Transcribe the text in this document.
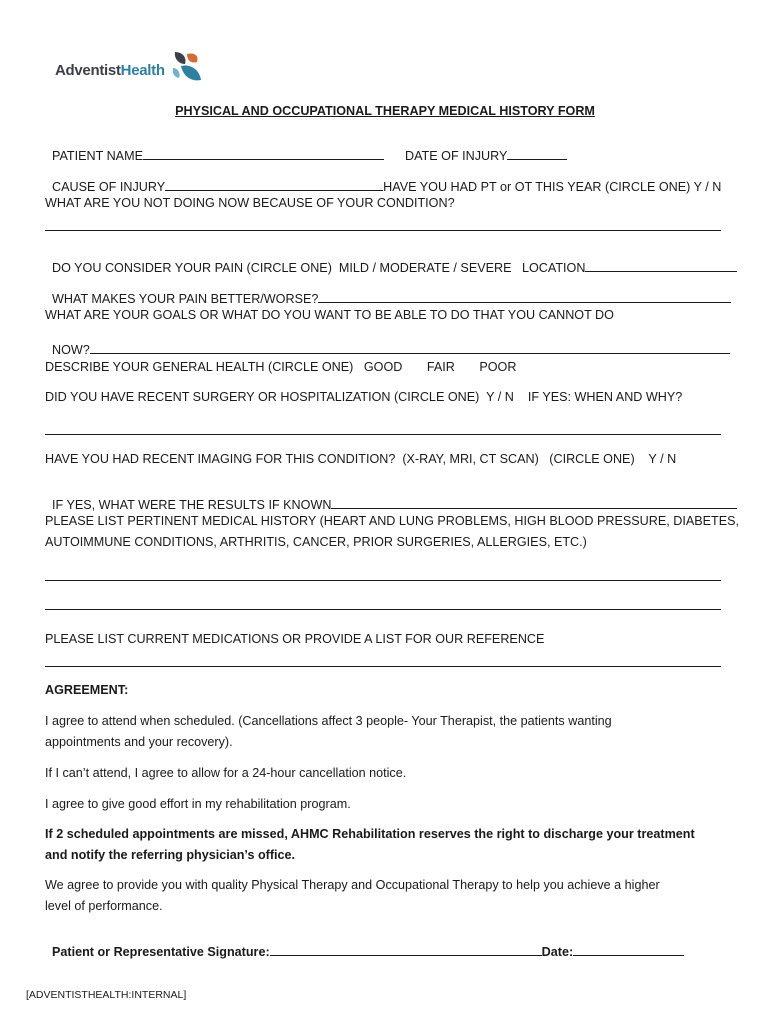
AdventistHealth
PHYSICAL AND OCCUPATIONAL THERAPY MEDICAL HISTORY FORM

PATIENT NAME	DATE OF INJURY

CAUSE OF INJURY	HAVE YOU HAD PT or OT THIS YEAR (CIRCLE ONE) Y / N

WHAT ARE YOU NOT DOING NOW BECAUSE OF YOUR CONDITION?

DO YOU CONSIDER YOUR PAIN (CIRCLE ONE)  MILD / MODERATE / SEVERE   LOCATION

WHAT MAKES YOUR PAIN BETTER/WORSE?

WHAT ARE YOUR GOALS OR WHAT DO YOU WANT TO BE ABLE TO DO THAT YOU CANNOT DO

NOW?

DESCRIBE YOUR GENERAL HEALTH (CIRCLE ONE)   GOOD       FAIR       POOR
DID YOU HAVE RECENT SURGERY OR HOSPITALIZATION (CIRCLE ONE)  Y / N    IF YES: WHEN AND WHY?
HAVE YOU HAD RECENT IMAGING FOR THIS CONDITION?  (X-RAY, MRI, CT SCAN)   (CIRCLE ONE)    Y / N

IF YES, WHAT WERE THE RESULTS IF KNOWN

PLEASE LIST PERTINENT MEDICAL HISTORY (HEART AND LUNG PROBLEMS, HIGH BLOOD PRESSURE, DIABETES,
AUTOIMMUNE CONDITIONS, ARTHRITIS, CANCER, PRIOR SURGERIES, ALLERGIES, ETC.)
PLEASE LIST CURRENT MEDICATIONS OR PROVIDE A LIST FOR OUR REFERENCE
AGREEMENT:
I agree to attend when scheduled. (Cancellations affect 3 people- Your Therapist, the patients wanting
appointments and your recovery).
If I can’t attend, I agree to allow for a 24-hour cancellation notice.
I agree to give good effort in my rehabilitation program.
If 2 scheduled appointments are missed, AHMC Rehabilitation reserves the right to discharge your treatment
and notify the referring physician’s office.
We agree to provide you with quality Physical Therapy and Occupational Therapy to help you achieve a higher
level of performance.

Patient or Representative Signature:	Date:

[ADVENTISTHEALTH:INTERNAL]
